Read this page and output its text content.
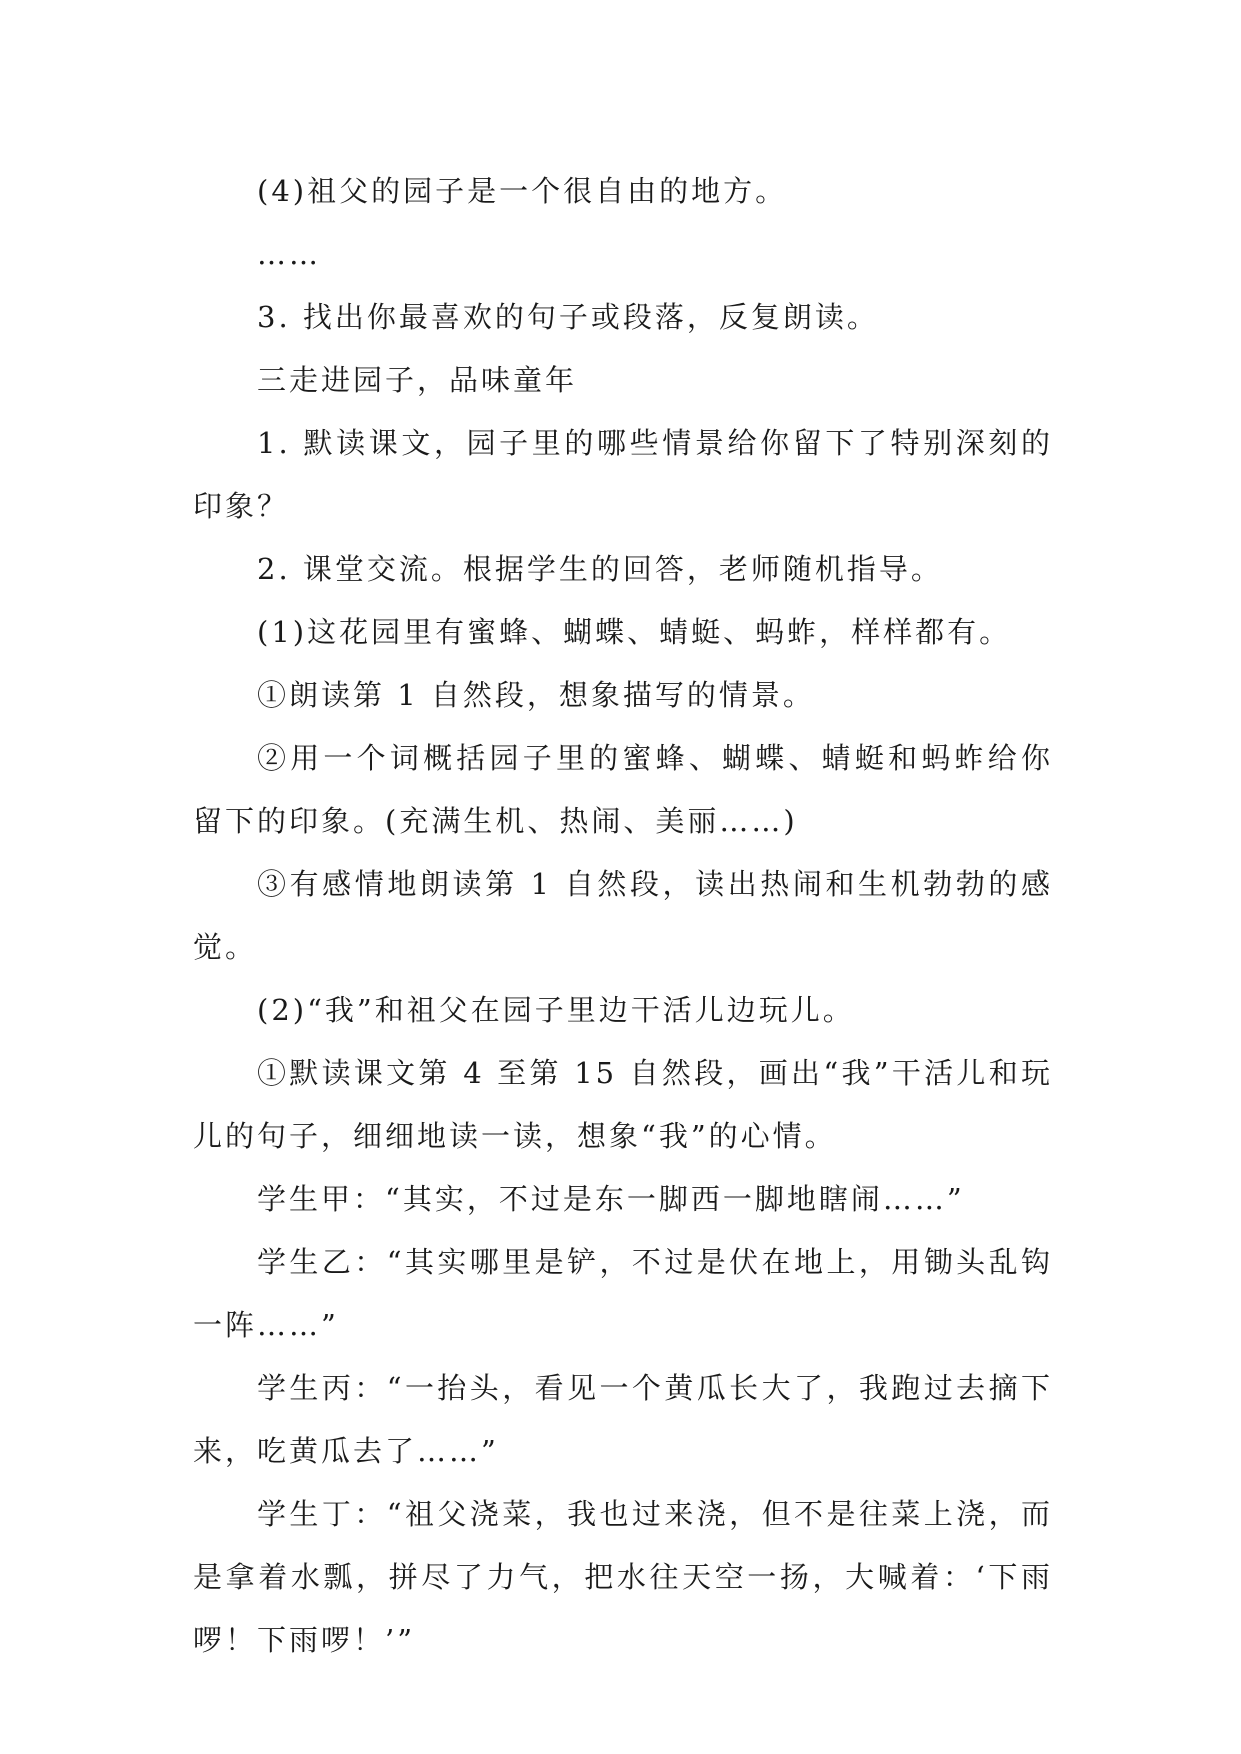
(4)祖父的园子是一个很自由的地方。

……

3. 找出你最喜欢的句子或段落，反复朗读。

三走进园子，品味童年

1. 默读课文，园子里的哪些情景给你留下了特别深刻的印象？

2. 课堂交流。根据学生的回答，老师随机指导。

(1)这花园里有蜜蜂、蝴蝶、蜻蜓、蚂蚱，样样都有。

①朗读第 1 自然段，想象描写的情景。

②用一个词概括园子里的蜜蜂、蝴蝶、蜻蜓和蚂蚱给你留下的印象。(充满生机、热闹、美丽……)

③有感情地朗读第 1 自然段，读出热闹和生机勃勃的感觉。

(2)“我”和祖父在园子里边干活儿边玩儿。

①默读课文第 4 至第 15 自然段，画出“我”干活儿和玩儿的句子，细细地读一读，想象“我”的心情。

学生甲：“其实，不过是东一脚西一脚地瞎闹……”

学生乙：“其实哪里是铲，不过是伏在地上，用锄头乱钩一阵……”

学生丙：“一抬头，看见一个黄瓜长大了，我跑过去摘下来，吃黄瓜去了……”

学生丁：“祖父浇菜，我也过来浇，但不是往菜上浇，而是拿着水瓢，拼尽了力气，把水往天空一扬，大喊着：‘下雨啰！下雨啰！’”
